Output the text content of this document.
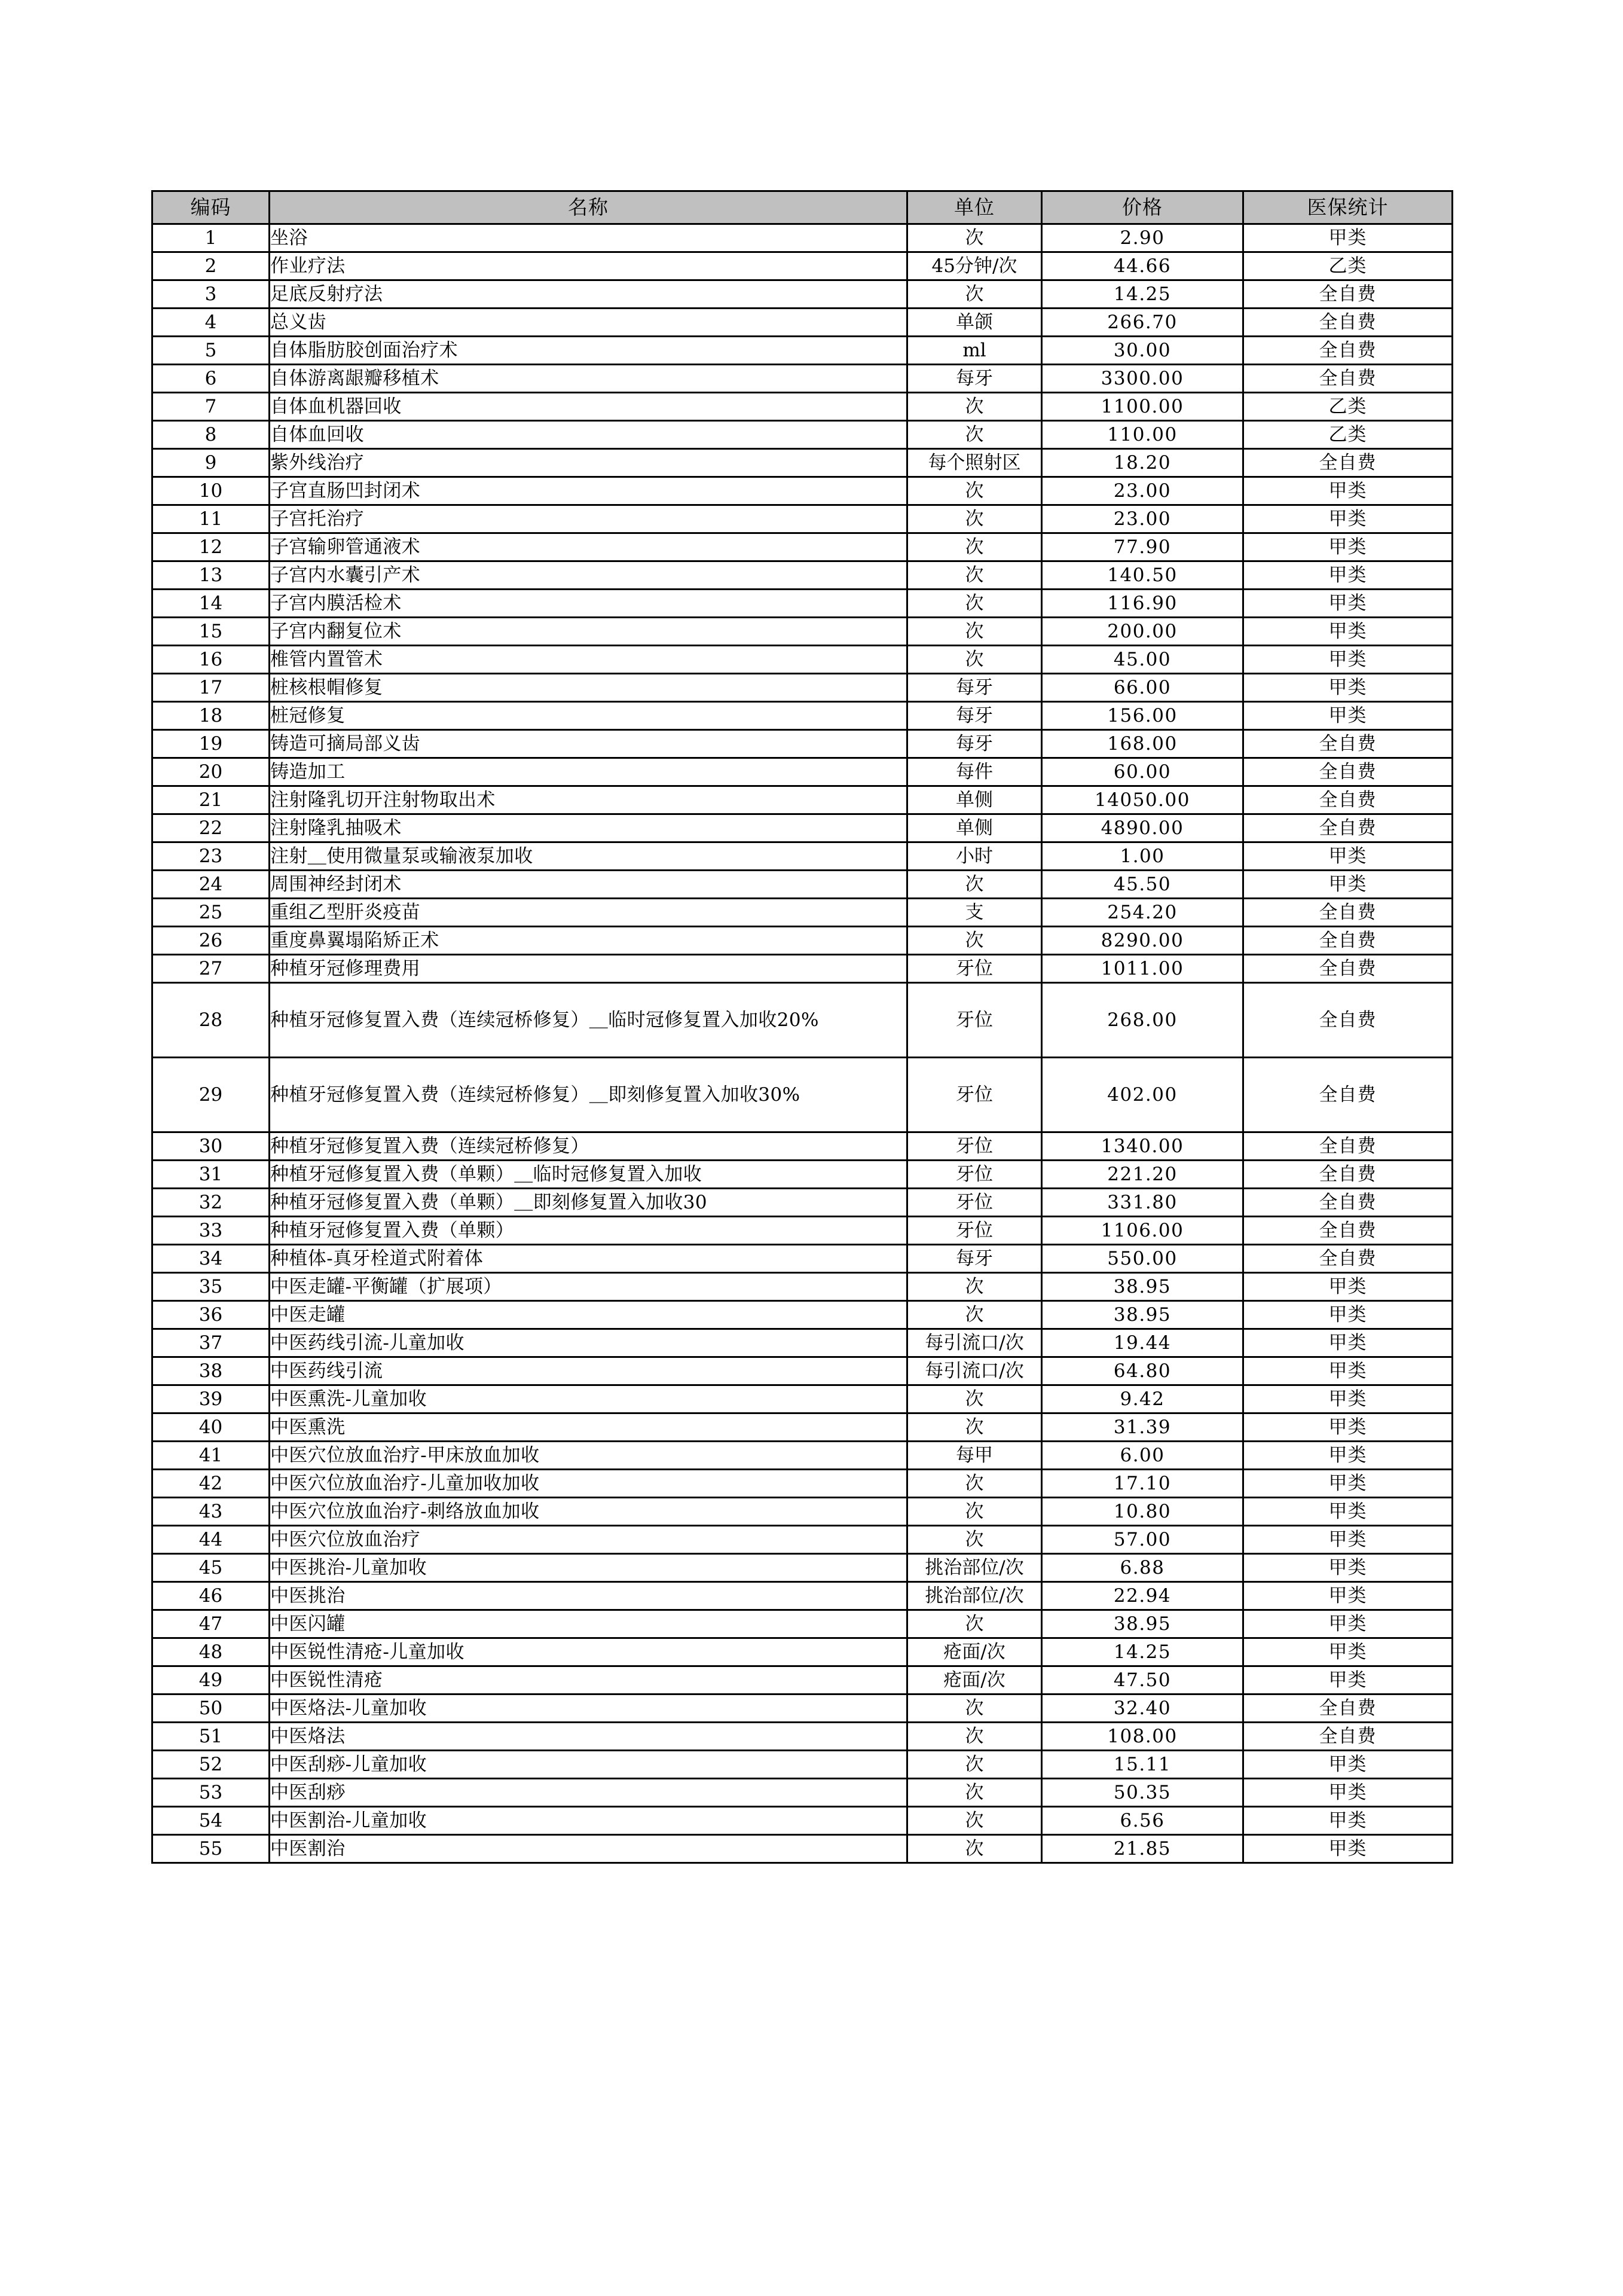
编码	名称	单位	价格	医保统计
1	坐浴	次	2.90	甲类
2	作业疗法	45分钟/次	44.66	乙类
3	足底反射疗法	次	14.25	全自费
4	总义齿	单颌	266.70	全自费
5	自体脂肪胶创面治疗术	ml	30.00	全自费
6	自体游离龈瓣移植术	每牙	3300.00	全自费
7	自体血机器回收	次	1100.00	乙类
8	自体血回收	次	110.00	乙类
9	紫外线治疗	每个照射区	18.20	全自费
10	子宫直肠凹封闭术	次	23.00	甲类
11	子宫托治疗	次	23.00	甲类
12	子宫输卵管通液术	次	77.90	甲类
13	子宫内水囊引产术	次	140.50	甲类
14	子宫内膜活检术	次	116.90	甲类
15	子宫内翻复位术	次	200.00	甲类
16	椎管内置管术	次	45.00	甲类
17	桩核根帽修复	每牙	66.00	甲类
18	桩冠修复	每牙	156.00	甲类
19	铸造可摘局部义齿	每牙	168.00	全自费
20	铸造加工	每件	60.00	全自费
21	注射隆乳切开注射物取出术	单侧	14050.00	全自费
22	注射隆乳抽吸术	单侧	4890.00	全自费
23	注射＿使用微量泵或输液泵加收	小时	1.00	甲类
24	周围神经封闭术	次	45.50	甲类
25	重组乙型肝炎疫苗	支	254.20	全自费
26	重度鼻翼塌陷矫正术	次	8290.00	全自费
27	种植牙冠修理费用	牙位	1011.00	全自费
28	种植牙冠修复置入费（连续冠桥修复）＿临时冠修复置入加收20%	牙位	268.00	全自费
29	种植牙冠修复置入费（连续冠桥修复）＿即刻修复置入加收30%	牙位	402.00	全自费
30	种植牙冠修复置入费（连续冠桥修复）	牙位	1340.00	全自费
31	种植牙冠修复置入费（单颗）＿临时冠修复置入加收	牙位	221.20	全自费
32	种植牙冠修复置入费（单颗）＿即刻修复置入加收30	牙位	331.80	全自费
33	种植牙冠修复置入费（单颗）	牙位	1106.00	全自费
34	种植体-真牙栓道式附着体	每牙	550.00	全自费
35	中医走罐-平衡罐（扩展项）	次	38.95	甲类
36	中医走罐	次	38.95	甲类
37	中医药线引流-儿童加收	每引流口/次	19.44	甲类
38	中医药线引流	每引流口/次	64.80	甲类
39	中医熏洗-儿童加收	次	9.42	甲类
40	中医熏洗	次	31.39	甲类
41	中医穴位放血治疗-甲床放血加收	每甲	6.00	甲类
42	中医穴位放血治疗-儿童加收加收	次	17.10	甲类
43	中医穴位放血治疗-刺络放血加收	次	10.80	甲类
44	中医穴位放血治疗	次	57.00	甲类
45	中医挑治-儿童加收	挑治部位/次	6.88	甲类
46	中医挑治	挑治部位/次	22.94	甲类
47	中医闪罐	次	38.95	甲类
48	中医锐性清疮-儿童加收	疮面/次	14.25	甲类
49	中医锐性清疮	疮面/次	47.50	甲类
50	中医烙法-儿童加收	次	32.40	全自费
51	中医烙法	次	108.00	全自费
52	中医刮痧-儿童加收	次	15.11	甲类
53	中医刮痧	次	50.35	甲类
54	中医割治-儿童加收	次	6.56	甲类
55	中医割治	次	21.85	甲类
